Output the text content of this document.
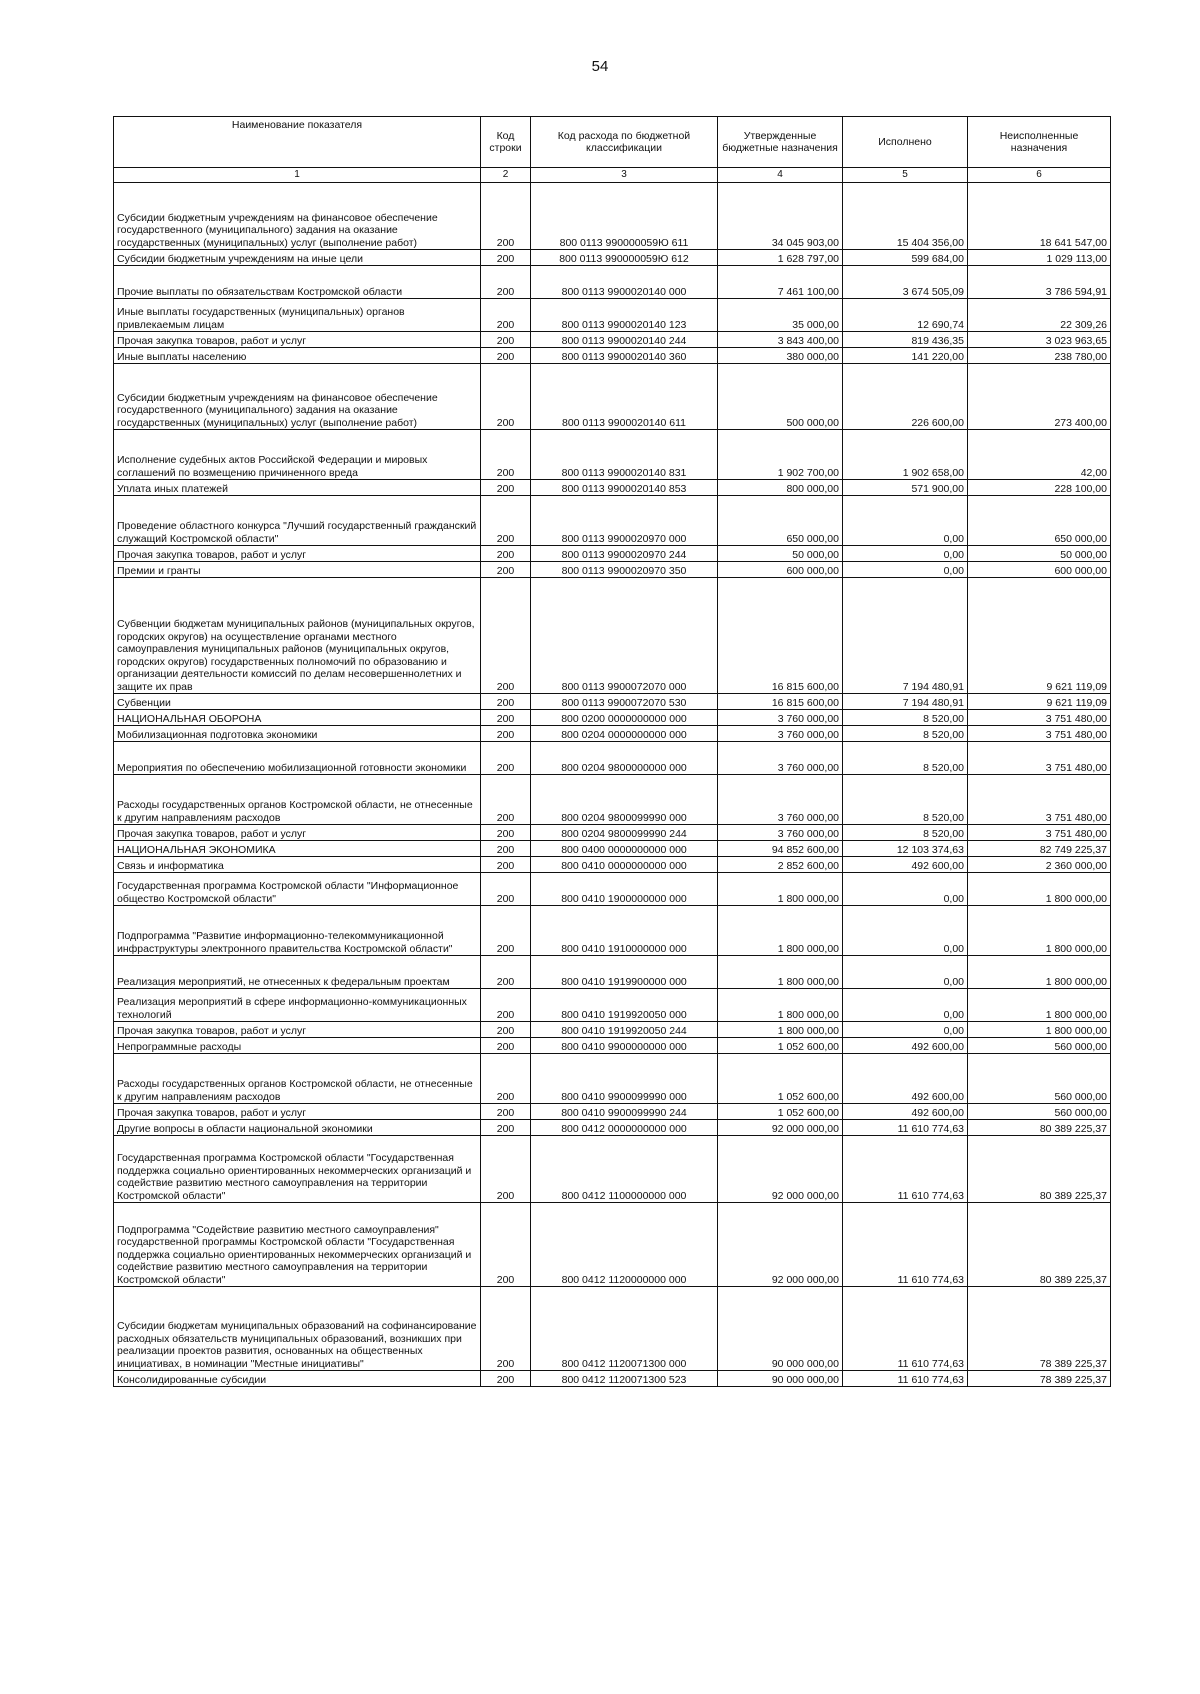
54
Наименование показателя	Код строки	Код расхода по бюджетной классификации	Утвержденные бюджетные назначения	Исполнено	Неисполненные назначения
1	2	3	4	5	6
Субсидии бюджетным учреждениям на финансовое обеспечение государственного (муниципального) задания на оказание государственных (муниципальных) услуг (выполнение работ)	200	800 0113 990000059Ю 611	34 045 903,00	15 404 356,00	18 641 547,00
Субсидии бюджетным учреждениям на иные цели	200	800 0113 990000059Ю 612	1 628 797,00	599 684,00	1 029 113,00
Прочие выплаты по обязательствам Костромской области	200	800 0113 9900020140 000	7 461 100,00	3 674 505,09	3 786 594,91
Иные выплаты государственных (муниципальных) органов привлекаемым лицам	200	800 0113 9900020140 123	35 000,00	12 690,74	22 309,26
Прочая закупка товаров, работ и услуг	200	800 0113 9900020140 244	3 843 400,00	819 436,35	3 023 963,65
Иные выплаты населению	200	800 0113 9900020140 360	380 000,00	141 220,00	238 780,00
Субсидии бюджетным учреждениям на финансовое обеспечение государственного (муниципального) задания на оказание государственных (муниципальных) услуг (выполнение работ)	200	800 0113 9900020140 611	500 000,00	226 600,00	273 400,00
Исполнение судебных актов Российской Федерации и мировых соглашений по возмещению причиненного вреда	200	800 0113 9900020140 831	1 902 700,00	1 902 658,00	42,00
Уплата иных платежей	200	800 0113 9900020140 853	800 000,00	571 900,00	228 100,00
Проведение областного конкурса "Лучший государственный гражданский служащий Костромской области"	200	800 0113 9900020970 000	650 000,00	0,00	650 000,00
Прочая закупка товаров, работ и услуг	200	800 0113 9900020970 244	50 000,00	0,00	50 000,00
Премии и гранты	200	800 0113 9900020970 350	600 000,00	0,00	600 000,00
Субвенции бюджетам муниципальных районов (муниципальных округов, городских округов) на осуществление органами местного самоуправления муниципальных районов (муниципальных округов, городских округов) государственных полномочий по образованию и организации деятельности комиссий по делам несовершеннолетних и защите их прав	200	800 0113 9900072070 000	16 815 600,00	7 194 480,91	9 621 119,09
Субвенции	200	800 0113 9900072070 530	16 815 600,00	7 194 480,91	9 621 119,09
НАЦИОНАЛЬНАЯ ОБОРОНА	200	800 0200 0000000000 000	3 760 000,00	8 520,00	3 751 480,00
Мобилизационная подготовка экономики	200	800 0204 0000000000 000	3 760 000,00	8 520,00	3 751 480,00
Мероприятия по обеспечению мобилизационной готовности экономики	200	800 0204 9800000000 000	3 760 000,00	8 520,00	3 751 480,00
Расходы государственных органов Костромской области, не отнесенные к другим направлениям расходов	200	800 0204 9800099990 000	3 760 000,00	8 520,00	3 751 480,00
Прочая закупка товаров, работ и услуг	200	800 0204 9800099990 244	3 760 000,00	8 520,00	3 751 480,00
НАЦИОНАЛЬНАЯ ЭКОНОМИКА	200	800 0400 0000000000 000	94 852 600,00	12 103 374,63	82 749 225,37
Связь и информатика	200	800 0410 0000000000 000	2 852 600,00	492 600,00	2 360 000,00
Государственная программа Костромской области "Информационное общество Костромской области"	200	800 0410 1900000000 000	1 800 000,00	0,00	1 800 000,00
Подпрограмма "Развитие информационно-телекоммуникационной инфраструктуры электронного правительства Костромской области"	200	800 0410 1910000000 000	1 800 000,00	0,00	1 800 000,00
Реализация мероприятий, не отнесенных к федеральным проектам	200	800 0410 1919900000 000	1 800 000,00	0,00	1 800 000,00
Реализация мероприятий в сфере информационно-коммуникационных технологий	200	800 0410 1919920050 000	1 800 000,00	0,00	1 800 000,00
Прочая закупка товаров, работ и услуг	200	800 0410 1919920050 244	1 800 000,00	0,00	1 800 000,00
Непрограммные расходы	200	800 0410 9900000000 000	1 052 600,00	492 600,00	560 000,00
Расходы государственных органов Костромской области, не отнесенные к другим направлениям расходов	200	800 0410 9900099990 000	1 052 600,00	492 600,00	560 000,00
Прочая закупка товаров, работ и услуг	200	800 0410 9900099990 244	1 052 600,00	492 600,00	560 000,00
Другие вопросы в области национальной экономики	200	800 0412 0000000000 000	92 000 000,00	11 610 774,63	80 389 225,37
Государственная программа Костромской области "Государственная поддержка социально ориентированных некоммерческих организаций и содействие развитию местного самоуправления на территории Костромской области"	200	800 0412 1100000000 000	92 000 000,00	11 610 774,63	80 389 225,37
Подпрограмма "Содействие развитию местного самоуправления" государственной программы Костромской области "Государственная поддержка социально ориентированных некоммерческих организаций и содействие развитию местного самоуправления на территории Костромской области"	200	800 0412 1120000000 000	92 000 000,00	11 610 774,63	80 389 225,37
Субсидии бюджетам муниципальных образований на софинансирование расходных обязательств муниципальных образований, возникших при реализации проектов развития, основанных на общественных инициативах, в номинации "Местные инициативы"	200	800 0412 1120071300 000	90 000 000,00	11 610 774,63	78 389 225,37
Консолидированные субсидии	200	800 0412 1120071300 523	90 000 000,00	11 610 774,63	78 389 225,37
